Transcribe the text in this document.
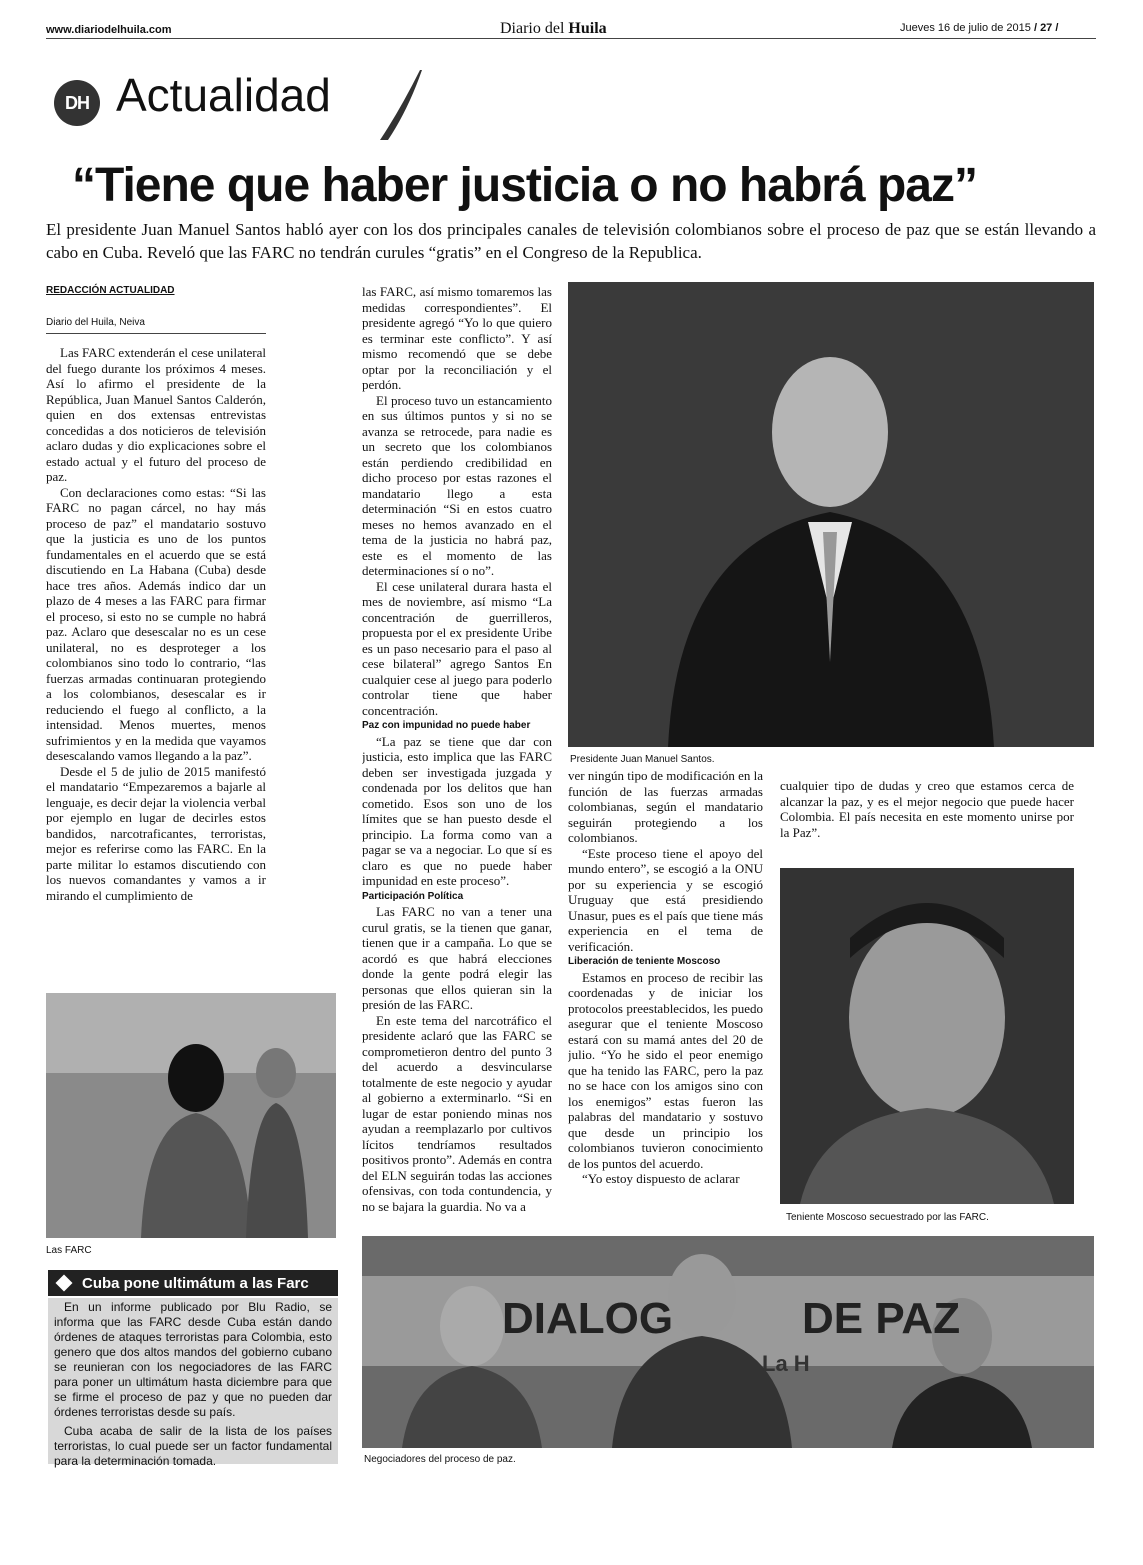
www.diariodelhuila.com	Diario del Huila	Jueves 16 de julio de 2015 / 27 /
DH Actualidad
“Tiene que haber justicia o no habrá paz”
El presidente Juan Manuel Santos habló ayer con los dos principales canales de televisión colombianos sobre el proceso de paz que se están llevando a cabo en Cuba. Reveló que las FARC no tendrán curules “gratis” en el Congreso de la Republica.
REDACCIÓN ACTUALIDAD
Diario del Huila, Neiva

Las FARC extenderán el cese unilateral del fuego durante los próximos 4 meses. Así lo afirmo el presidente de la República, Juan Manuel Santos Calderón, quien en dos extensas entrevistas concedidas a dos noticieros de televisión aclaro dudas y dio explicaciones sobre el estado actual y el futuro del proceso de paz.

Con declaraciones como estas: “Si las FARC no pagan cárcel, no hay más proceso de paz” el mandatario sostuvo que la justicia es uno de los puntos fundamentales en el acuerdo que se está discutiendo en La Habana (Cuba) desde hace tres años. Además indico dar un plazo de 4 meses a las FARC para firmar el proceso, si esto no se cumple no habrá paz. Aclaro que desescalar no es un cese unilateral, no es desproteger a los colombianos sino todo lo contrario, “las fuerzas armadas continuaran protegiendo a los colombianos, desescalar es ir reduciendo el fuego al conflicto, a la intensidad. Menos muertes, menos sufrimientos y en la medida que vayamos desescalando vamos llegando a la paz”.

Desde el 5 de julio de 2015 manifestó el mandatario “Empezaremos a bajarle al lenguaje, es decir dejar la violencia verbal por ejemplo en lugar de decirles estos bandidos, narcotraficantes, terroristas, mejor es referirse como las FARC. En la parte militar lo estamos discutiendo con los nuevos comandantes y vamos a ir mirando el cumplimiento de

las FARC, así mismo tomaremos las medidas correspondientes”. El presidente agregó “Yo lo que quiero es terminar este conflicto”. Y así mismo recomendó que se debe optar por la reconciliación y el perdón.

El proceso tuvo un estancamiento en sus últimos puntos y si no se avanza se retrocede, para nadie es un secreto que los colombianos están perdiendo credibilidad en dicho proceso por estas razones el mandatario llego a esta determinación “Si en estos cuatro meses no hemos avanzado en el tema de la justicia no habrá paz, este es el momento de las determinaciones sí o no”.

El cese unilateral durara hasta el mes de noviembre, así mismo “La concentración de guerrilleros, propuesta por el ex presidente Uribe es un paso necesario para el paso al cese bilateral” agrego Santos En cualquier cese al juego para poderlo controlar tiene que haber concentración.

Paz con impunidad no puede haber

“La paz se tiene que dar con justicia, esto implica que las FARC deben ser investigada juzgada y condenada por los delitos que han cometido. Esos son uno de los límites que se han puesto desde el principio. La forma como van a pagar se va a negociar. Lo que sí es claro es que no puede haber impunidad en este proceso”.

Participación Política

Las FARC no van a tener una curul gratis, se la tienen que ganar, tienen que ir a campaña. Lo que se acordó es que habrá elecciones donde la gente podrá elegir las personas que ellos quieran sin la presión de las FARC.

En este tema del narcotráfico el presidente aclaró que las FARC se comprometieron dentro del punto 3 del acuerdo a desvincularse totalmente de este negocio y ayudar al gobierno a exterminarlo. “Si en lugar de estar poniendo minas nos ayudan a reemplazarlo por cultivos lícitos tendríamos resultados positivos pronto”. Además en contra del ELN seguirán todas las acciones ofensivas, con toda contundencia, y no se bajara la guardia. No va a

Presidente Juan Manuel Santos.

ver ningún tipo de modificación en la función de las fuerzas armadas colombianas, según el mandatario seguirán protegiendo a los colombianos.

“Este proceso tiene el apoyo del mundo entero”, se escogió a la ONU por su experiencia y se escogió Uruguay que está presidiendo Unasur, pues es el país que tiene más experiencia en el tema de verificación.

Liberación de teniente Moscoso

Estamos en proceso de recibir las coordenadas y de iniciar los protocolos preestablecidos, les puedo asegurar que el teniente Moscoso estará con su mamá antes del 20 de julio. “Yo he sido el peor enemigo que ha tenido las FARC, pero la paz no se hace con los amigos sino con los enemigos” estas fueron las palabras del mandatario y sostuvo que desde un principio los colombianos tuvieron conocimiento de los puntos del acuerdo.

“Yo estoy dispuesto de aclarar

cualquier tipo de dudas y creo que estamos cerca de alcanzar la paz, y es el mejor negocio que puede hacer Colombia. El país necesita en este momento unirse por la Paz”.

Teniente Moscoso secuestrado por las FARC.
Las FARC
Cuba pone ultimátum a las Farc

En un informe publicado por Blu Radio, se informa que las FARC desde Cuba están dando órdenes de ataques terroristas para Colombia, esto genero que dos altos mandos del gobierno cubano se reunieran con los negociadores de las FARC para poner un ultimátum hasta diciembre para que se firme el proceso de paz y que no pueden dar órdenes terroristas desde su país.

Cuba acaba de salir de la lista de los países terroristas, lo cual puede ser un factor fundamental para la determinación tomada.

DIALOG	DE PAZ
La H
Negociadores del proceso de paz.
